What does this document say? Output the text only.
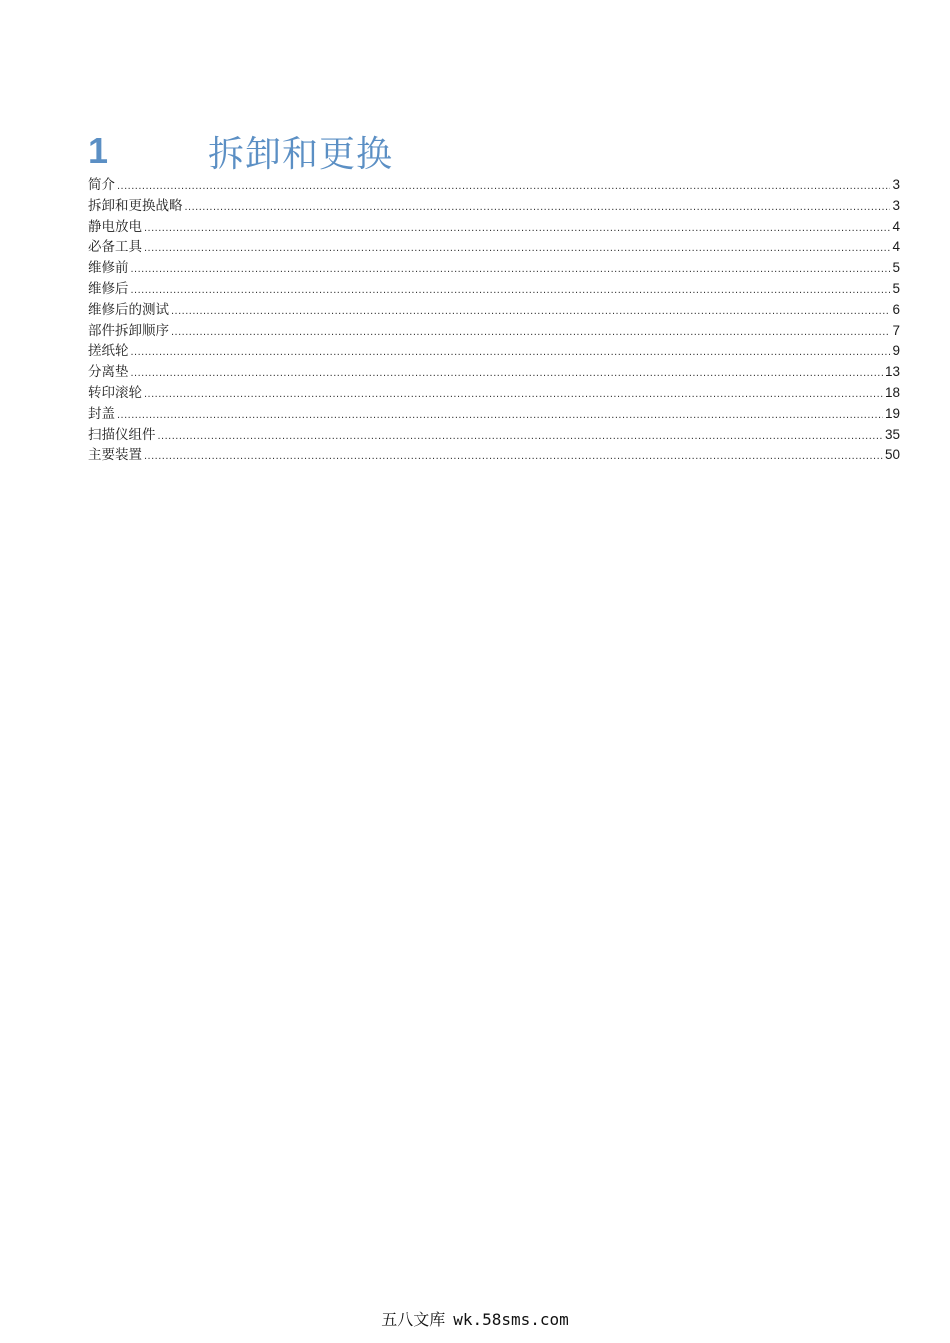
1	拆卸和更换
简介 .....	3
拆卸和更换战略 .....	3
静电放电 .....	4
必备工具 .....	4
维修前 .....	5
维修后 .....	5
维修后的测试 .....	6
部件拆卸顺序 .....	7
搓纸轮 .....	9
分离垫 .....	13
转印滚轮 .....	18
封盖 .....	19
扫描仪组件 .....	35
主要装置 .....	50
五八文库 wk.58sms.com
